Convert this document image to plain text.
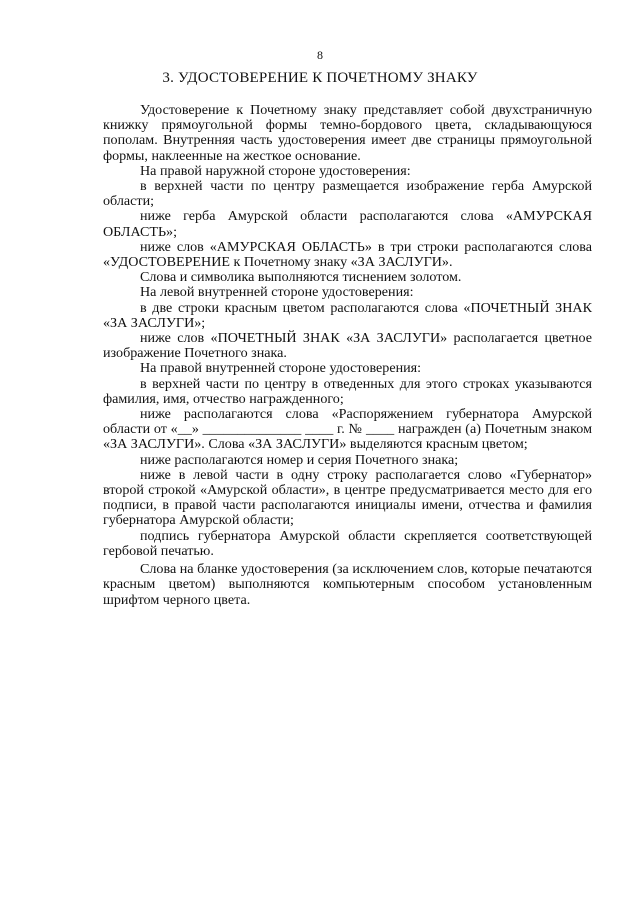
8
3. УДОСТОВЕРЕНИЕ К ПОЧЕТНОМУ ЗНАКУ

Удостоверение к Почетному знаку представляет собой двухстраничную книжку прямоугольной формы темно-бордового цвета, складывающуюся пополам. Внутренняя часть удостоверения имеет две страницы прямоугольной формы, наклеенные на жесткое основание.

На правой наружной стороне удостоверения:

в верхней части по центру размещается изображение герба Амурской области;

ниже герба Амурской области располагаются слова «АМУРСКАЯ ОБЛАСТЬ»;

ниже слов «АМУРСКАЯ ОБЛАСТЬ» в три строки располагаются слова «УДОСТОВЕРЕНИЕ к Почетному знаку «ЗА ЗАСЛУГИ».

Слова и символика выполняются тиснением золотом.

На левой внутренней стороне удостоверения:

в две строки красным цветом располагаются слова «ПОЧЕТНЫЙ ЗНАК «ЗА ЗАСЛУГИ»;

ниже слов «ПОЧЕТНЫЙ ЗНАК «ЗА ЗАСЛУГИ» располагается цветное изображение Почетного знака.

На правой внутренней стороне удостоверения:

в верхней части по центру в отведенных для этого строках указываются фамилия, имя, отчество награжденного;

ниже располагаются слова «Распоряжением губернатора Амурской области от «__» ______________ ____ г. № ____ награжден (а) Почетным знаком «ЗА ЗАСЛУГИ». Слова «ЗА ЗАСЛУГИ» выделяются красным цветом;

ниже располагаются номер и серия Почетного знака;

ниже в левой части в одну строку располагается слово «Губернатор» второй строкой «Амурской области», в центре предусматривается место для его подписи, в правой части располагаются инициалы имени, отчества и фамилия губернатора Амурской области;

подпись губернатора Амурской области скрепляется соответствующей гербовой печатью.

Слова на бланке удостоверения (за исключением слов, которые печатаются красным цветом) выполняются компьютерным способом установленным шрифтом черного цвета.
